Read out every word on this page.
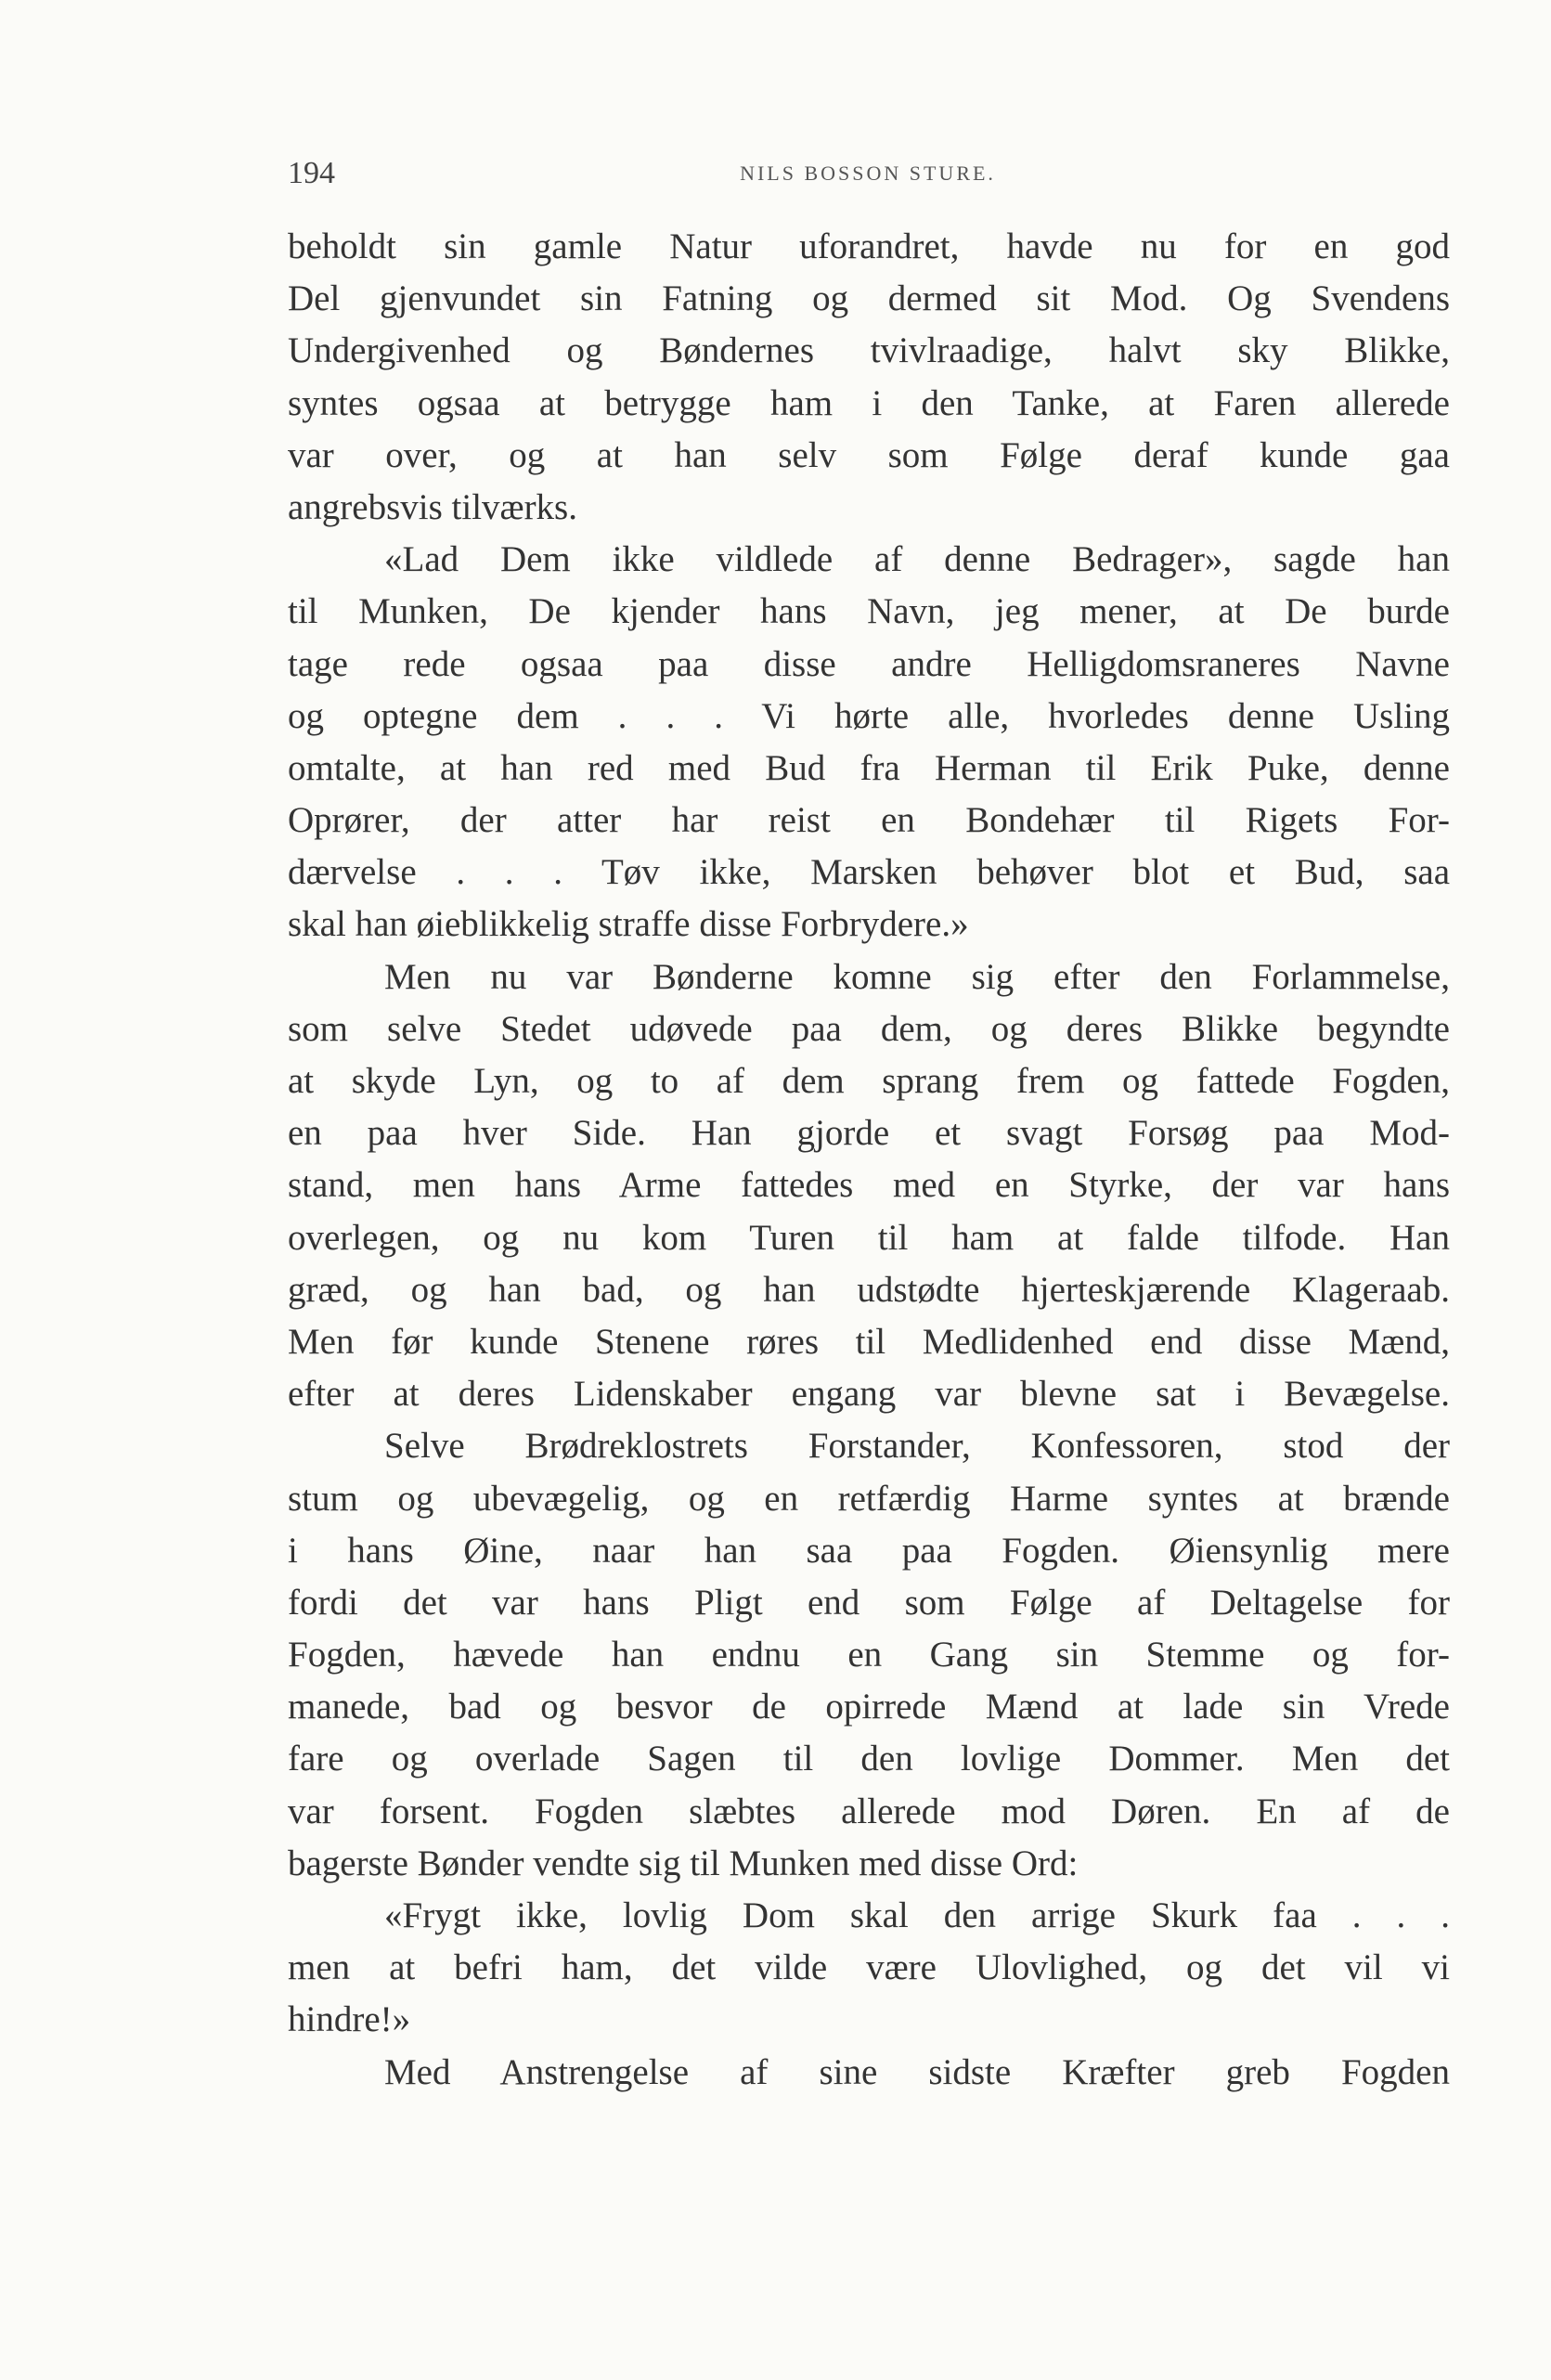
194	NILS BOSSON STURE.
beholdt sin gamle Natur uforandret, havde nu for en god
Del gjenvundet sin Fatning og dermed sit Mod. Og Svendens
Undergivenhed og Bøndernes tvivlraadige, halvt sky Blikke,
syntes ogsaa at betrygge ham i den Tanke, at Faren allerede
var over, og at han selv som Følge deraf kunde gaa
angrebsvis tilværks.
«Lad Dem ikke vildlede af denne Bedrager», sagde han
til Munken, De kjender hans Navn, jeg mener, at De burde
tage rede ogsaa paa disse andre Helligdomsraneres Navne
og optegne dem . . . Vi hørte alle, hvorledes denne Usling
omtalte, at han red med Bud fra Herman til Erik Puke, denne
Oprører, der atter har reist en Bondehær til Rigets For-
dærvelse . . . Tøv ikke, Marsken behøver blot et Bud, saa
skal han øieblikkelig straffe disse Forbrydere.»
Men nu var Bønderne komne sig efter den Forlammelse,
som selve Stedet udøvede paa dem, og deres Blikke begyndte
at skyde Lyn, og to af dem sprang frem og fattede Fogden,
en paa hver Side. Han gjorde et svagt Forsøg paa Mod-
stand, men hans Arme fattedes med en Styrke, der var hans
overlegen, og nu kom Turen til ham at falde tilfode. Han
græd, og han bad, og han udstødte hjerteskjærende Klageraab.
Men før kunde Stenene røres til Medlidenhed end disse Mænd,
efter at deres Lidenskaber engang var blevne sat i Bevægelse.
Selve Brødreklostrets Forstander, Konfessoren, stod der
stum og ubevægelig, og en retfærdig Harme syntes at brænde
i hans Øine, naar han saa paa Fogden. Øiensynlig mere
fordi det var hans Pligt end som Følge af Deltagelse for
Fogden, hævede han endnu en Gang sin Stemme og for-
manede, bad og besvor de opirrede Mænd at lade sin Vrede
fare og overlade Sagen til den lovlige Dommer. Men det
var forsent. Fogden slæbtes allerede mod Døren. En af de
bagerste Bønder vendte sig til Munken med disse Ord:
«Frygt ikke, lovlig Dom skal den arrige Skurk faa . . .
men at befri ham, det vilde være Ulovlighed, og det vil vi
hindre!»
Med Anstrengelse af sine sidste Kræfter greb Fogden
